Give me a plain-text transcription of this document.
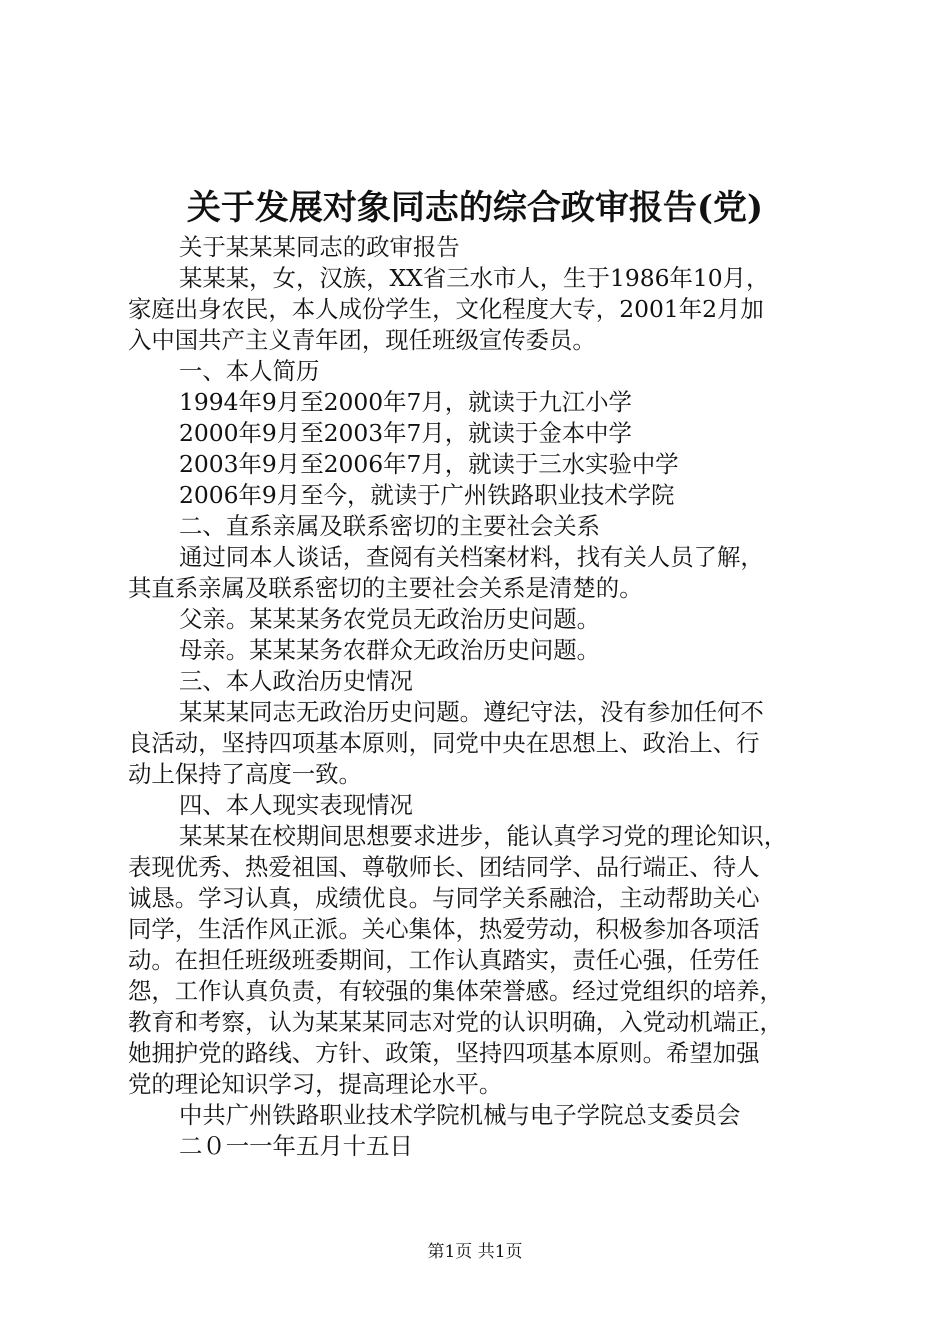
关于发展对象同志的综合政审报告(党)
关于某某某同志的政审报告
某某某，女，汉族，XX省三水市人，生于1986年10月，
家庭出身农民，本人成份学生，文化程度大专，2001年2月加
入中国共产主义青年团，现任班级宣传委员。
一、本人简历
1994年9月至2000年7月，就读于九江小学
2000年9月至2003年7月，就读于金本中学
2003年9月至2006年7月，就读于三水实验中学
2006年9月至今，就读于广州铁路职业技术学院
二、直系亲属及联系密切的主要社会关系
通过同本人谈话，查阅有关档案材料，找有关人员了解，
其直系亲属及联系密切的主要社会关系是清楚的。
父亲。某某某务农党员无政治历史问题。
母亲。某某某务农群众无政治历史问题。
三、本人政治历史情况
某某某同志无政治历史问题。遵纪守法，没有参加任何不
良活动，坚持四项基本原则，同党中央在思想上、政治上、行
动上保持了高度一致。
四、本人现实表现情况
某某某在校期间思想要求进步，能认真学习党的理论知识，
表现优秀、热爱祖国、尊敬师长、团结同学、品行端正、待人
诚恳。学习认真，成绩优良。与同学关系融洽，主动帮助关心
同学，生活作风正派。关心集体，热爱劳动，积极参加各项活
动。在担任班级班委期间，工作认真踏实，责任心强，任劳任
怨，工作认真负责，有较强的集体荣誉感。经过党组织的培养，
教育和考察，认为某某某同志对党的认识明确，入党动机端正，
她拥护党的路线、方针、政策，坚持四项基本原则。希望加强
党的理论知识学习，提高理论水平。
中共广州铁路职业技术学院机械与电子学院总支委员会
二０一一年五月十五日
第1页 共1页
